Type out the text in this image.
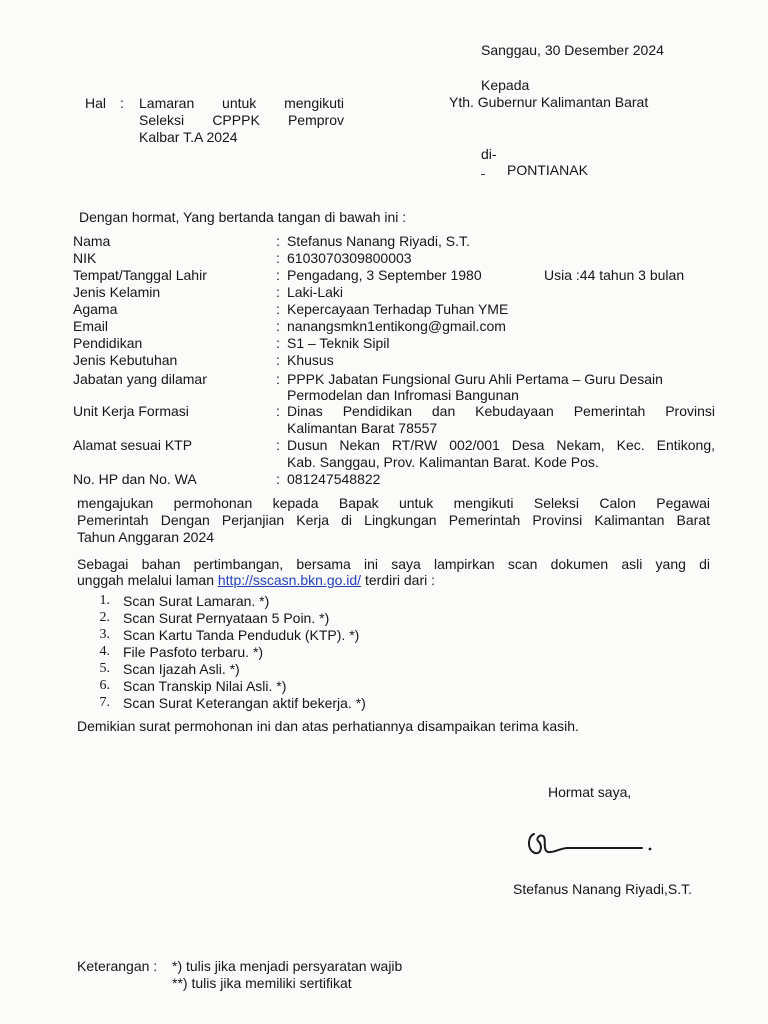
Sanggau, 30 Desember 2024
Hal : Lamaran untuk mengikuti
Seleksi CPPPK Pemprov
Kalbar T.A 2024
Kepada
Yth. Gubernur Kalimantan Barat
di-
PONTIANAK
Dengan hormat, Yang bertanda tangan di bawah ini :
Nama	: Stefanus Nanang Riyadi, S.T.
NIK	: 6103070309800003
Tempat/Tanggal Lahir	: Pengadang, 3 September 1980	Usia :44 tahun 3 bulan
Jenis Kelamin	: Laki-Laki
Agama	: Kepercayaan Terhadap Tuhan YME
Email	: nanangsmkn1entikong@gmail.com
Pendidikan	: S1 – Teknik Sipil
Jenis Kebutuhan	: Khusus
Jabatan yang dilamar	: PPPK Jabatan Fungsional Guru Ahli Pertama – Guru Desain
Permodelan dan Infromasi Bangunan
Unit Kerja Formasi	: Dinas Pendidikan dan Kebudayaan Pemerintah Provinsi
Kalimantan Barat 78557
Alamat sesuai KTP	: Dusun Nekan RT/RW 002/001 Desa Nekam, Kec. Entikong,
Kab. Sanggau, Prov. Kalimantan Barat. Kode Pos.
No. HP dan No. WA	: 081247548822
mengajukan permohonan kepada Bapak untuk mengikuti Seleksi Calon Pegawai
Pemerintah Dengan Perjanjian Kerja di Lingkungan Pemerintah Provinsi Kalimantan Barat
Tahun Anggaran 2024
Sebagai bahan pertimbangan, bersama ini saya lampirkan scan dokumen asli yang di
unggah melalui laman http://sscasn.bkn.go.id/ terdiri dari :
1. Scan Surat Lamaran. *)
2. Scan Surat Pernyataan 5 Poin. *)
3. Scan Kartu Tanda Penduduk (KTP). *)
4. File Pasfoto terbaru. *)
5. Scan Ijazah Asli. *)
6. Scan Transkip Nilai Asli. *)
7. Scan Surat Keterangan aktif bekerja. *)
Demikian surat permohonan ini dan atas perhatiannya disampaikan terima kasih.
Hormat saya,
Stefanus Nanang Riyadi,S.T.
Keterangan : *) tulis jika menjadi persyaratan wajib
**) tulis jika memiliki sertifikat
